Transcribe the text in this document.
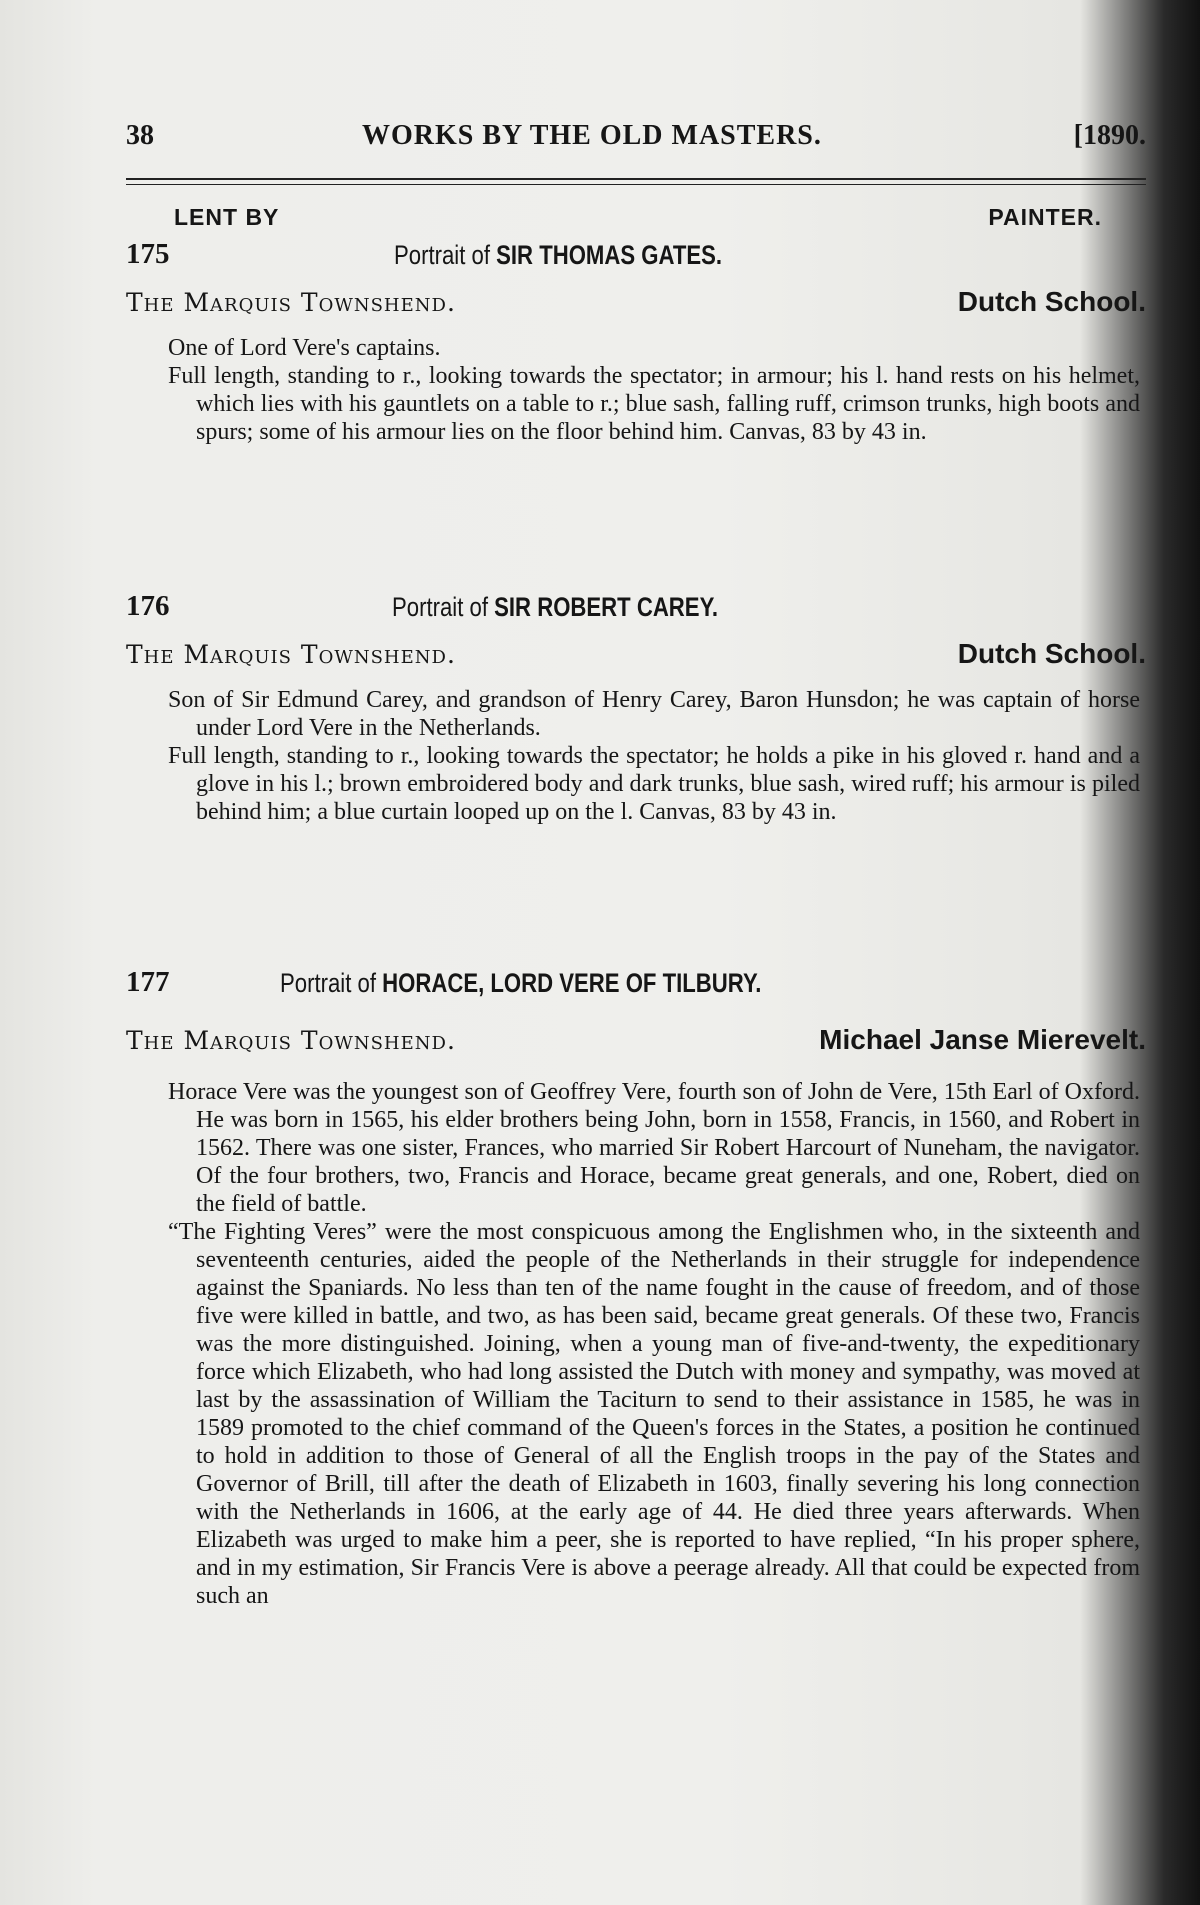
38	WORKS BY THE OLD MASTERS.	[1890.
LENT BY	PAINTER.
175	Portrait of SIR THOMAS GATES.
The Marquis Townshend.	Dutch School.

One of Lord Vere's captains.

Full length, standing to r., looking towards the spectator; in armour; his l. hand rests on his helmet, which lies with his gauntlets on a table to r.; blue sash, falling ruff, crimson trunks, high boots and spurs; some of his armour lies on the floor behind him. Canvas, 83 by 43 in.

176	Portrait of SIR ROBERT CAREY.
The Marquis Townshend.	Dutch School.

Son of Sir Edmund Carey, and grandson of Henry Carey, Baron Hunsdon; he was captain of horse under Lord Vere in the Netherlands.

Full length, standing to r., looking towards the spectator; he holds a pike in his gloved r. hand and a glove in his l.; brown embroidered body and dark trunks, blue sash, wired ruff; his armour is piled behind him; a blue curtain looped up on the l. Canvas, 83 by 43 in.

177	Portrait of HORACE, LORD VERE OF TILBURY.
The Marquis Townshend.	Michael Janse Mierevelt.

Horace Vere was the youngest son of Geoffrey Vere, fourth son of John de Vere, 15th Earl of Oxford. He was born in 1565, his elder brothers being John, born in 1558, Francis, in 1560, and Robert in 1562. There was one sister, Frances, who married Sir Robert Harcourt of Nuneham, the navigator. Of the four brothers, two, Francis and Horace, became great generals, and one, Robert, died on the field of battle.

“The Fighting Veres” were the most conspicuous among the Englishmen who, in the sixteenth and seventeenth centuries, aided the people of the Netherlands in their struggle for independence against the Spaniards. No less than ten of the name fought in the cause of freedom, and of those five were killed in battle, and two, as has been said, became great generals. Of these two, Francis was the more distinguished. Joining, when a young man of five-and-twenty, the expeditionary force which Elizabeth, who had long assisted the Dutch with money and sympathy, was moved at last by the assassination of William the Taciturn to send to their assistance in 1585, he was in 1589 promoted to the chief command of the Queen's forces in the States, a position he continued to hold in addition to those of General of all the English troops in the pay of the States and Governor of Brill, till after the death of Elizabeth in 1603, finally severing his long connection with the Netherlands in 1606, at the early age of 44. He died three years afterwards. When Elizabeth was urged to make him a peer, she is reported to have replied, “In his proper sphere, and in my estimation, Sir Francis Vere is above a peerage already. All that could be expected from such an
